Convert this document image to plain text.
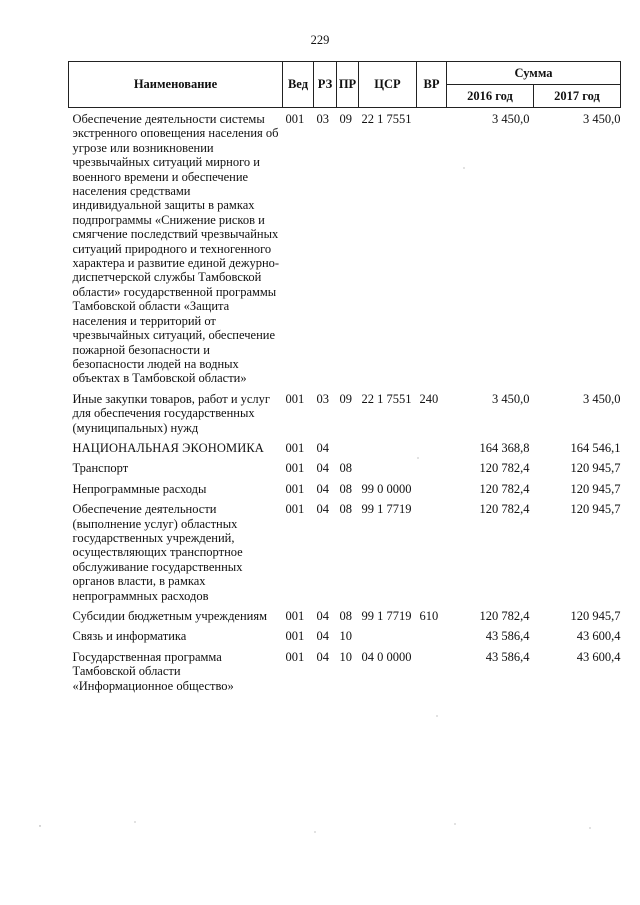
229
Наименование	Вед	РЗ	ПР	ЦСР	ВР	Сумма	
						2016 год	2017 год
Обеспечение деятельности системы экстренного оповещения населения об угрозе или возникновении чрезвычайных ситуаций мирного и военного времени и обеспечение населения средствами индивидуальной защиты в рамках подпрограммы «Снижение рисков и смягчение последствий чрезвычайных ситуаций природного и техногенного характера и развитие единой дежурно-диспетчерской службы Тамбовской области» государственной программы Тамбовской области «Защита населения и территорий от чрезвычайных ситуаций, обеспечение пожарной безопасности и безопасности людей на водных объектах в Тамбовской области»	001	03	09	22 1 7551		3 450,0	3 450,0
Иные закупки товаров, работ и услуг для обеспечения государственных (муниципальных) нужд	001	03	09	22 1 7551	240	3 450,0	3 450,0
НАЦИОНАЛЬНАЯ ЭКОНОМИКА	001	04				164 368,8	164 546,1
Транспорт	001	04	08			120 782,4	120 945,7
Непрограммные расходы	001	04	08	99 0 0000		120 782,4	120 945,7
Обеспечение деятельности (выполнение услуг) областных государственных учреждений, осуществляющих транспортное обслуживание государственных органов власти, в рамках непрограммных расходов	001	04	08	99 1 7719		120 782,4	120 945,7
Субсидии бюджетным учреждениям	001	04	08	99 1 7719	610	120 782,4	120 945,7
Связь и информатика	001	04	10			43 586,4	43 600,4
Государственная программа Тамбовской области «Информационное общество»	001	04	10	04 0 0000		43 586,4	43 600,4
